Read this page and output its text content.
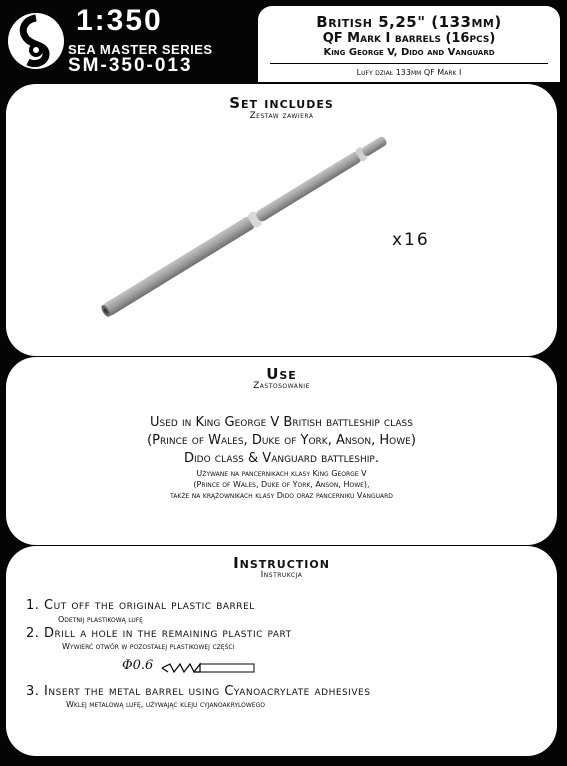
1:350
SEA MASTER SERIES
SM-350-013
British 5,25" (133mm)
QF Mark I barrels (16pcs)
King George V, Dido and Vanguard
Lufy dział 133mm QF Mark I
Set includes
Zestaw zawiera
x16
Use
Zastosowanie
Used in King George V British battleship class
(Prince of Wales, Duke of York, Anson, Howe)
Dido class & Vanguard battleship.
Używane na pancernikach klasy King George V
(Prince of Wales, Duke of York, Anson, Howe),
także na krążownikach klasy Dido oraz pancerniku Vanguard
Instruction
Instrukcja
1. Cut off the original plastic barrel
Odetnij plastikową lufę
2. Drill a hole in the remaining plastic part
Wywierć otwór w pozostałej plastikowej części
Φ0.6
3. Insert the metal barrel using Cyanoacrylate adhesives
Wklej metalową lufę, używając kleju cyjanoakrylowego
